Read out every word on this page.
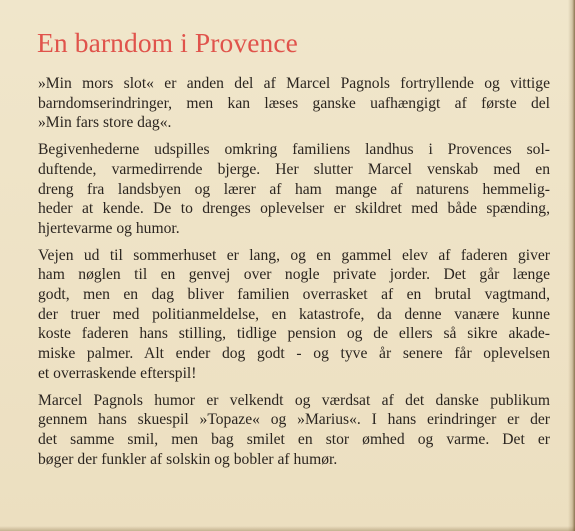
En barndom i Provence

»Min mors slot« er anden del af Marcel Pagnols fortryllende og vittige
barndomserindringer, men kan læses ganske uafhængigt af første del
»Min fars store dag«.

Begivenhederne udspilles omkring familiens landhus i Provences sol-
duftende, varmedirrende bjerge. Her slutter Marcel venskab med en
dreng fra landsbyen og lærer af ham mange af naturens hemmelig-
heder at kende. De to drenges oplevelser er skildret med både spænding,
hjertevarme og humor.

Vejen ud til sommerhuset er lang, og en gammel elev af faderen giver
ham nøglen til en genvej over nogle private jorder. Det går længe
godt, men en dag bliver familien overrasket af en brutal vagtmand,
der truer med politianmeldelse, en katastrofe, da denne vanære kunne
koste faderen hans stilling, tidlige pension og de ellers så sikre akade-
miske palmer. Alt ender dog godt - og tyve år senere får oplevelsen
et overraskende efterspil!

Marcel Pagnols humor er velkendt og værdsat af det danske publikum
gennem hans skuespil »Topaze« og »Marius«. I hans erindringer er der
det samme smil, men bag smilet en stor ømhed og varme. Det er
bøger der funkler af solskin og bobler af humør.
